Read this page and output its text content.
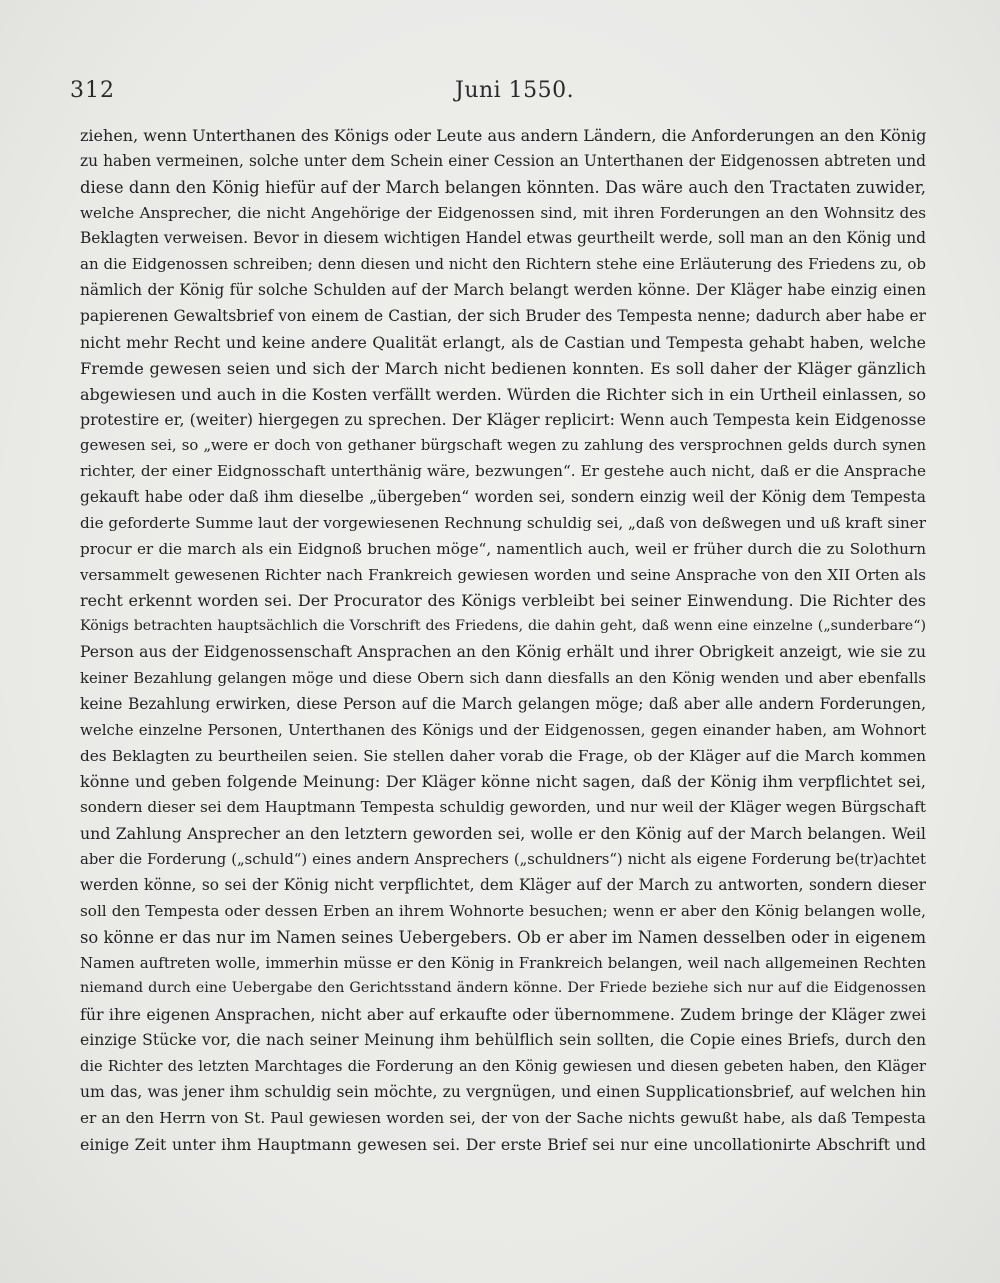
312	Juni 1550.
ziehen, wenn Unterthanen des Königs oder Leute aus andern Ländern, die Anforderungen an den König
zu haben vermeinen, solche unter dem Schein einer Cession an Unterthanen der Eidgenossen abtreten und
diese dann den König hiefür auf der March belangen könnten. Das wäre auch den Tractaten zuwider,
welche Ansprecher, die nicht Angehörige der Eidgenossen sind, mit ihren Forderungen an den Wohnsitz des
Beklagten verweisen. Bevor in diesem wichtigen Handel etwas geurtheilt werde, soll man an den König und
an die Eidgenossen schreiben; denn diesen und nicht den Richtern stehe eine Erläuterung des Friedens zu, ob
nämlich der König für solche Schulden auf der March belangt werden könne. Der Kläger habe einzig einen
papierenen Gewaltsbrief von einem de Castian, der sich Bruder des Tempesta nenne; dadurch aber habe er
nicht mehr Recht und keine andere Qualität erlangt, als de Castian und Tempesta gehabt haben, welche
Fremde gewesen seien und sich der March nicht bedienen konnten. Es soll daher der Kläger gänzlich
abgewiesen und auch in die Kosten verfällt werden. Würden die Richter sich in ein Urtheil einlassen, so
protestire er, (weiter) hiergegen zu sprechen. Der Kläger replicirt: Wenn auch Tempesta kein Eidgenosse
gewesen sei, so „were er doch von gethaner bürgschaft wegen zu zahlung des versprochnen gelds durch synen
richter, der einer Eidgnosschaft unterthänig wäre, bezwungen“. Er gestehe auch nicht, daß er die Ansprache
gekauft habe oder daß ihm dieselbe „übergeben“ worden sei, sondern einzig weil der König dem Tempesta
die geforderte Summe laut der vorgewiesenen Rechnung schuldig sei, „daß von deßwegen und uß kraft siner
procur er die march als ein Eidgnoß bruchen möge“, namentlich auch, weil er früher durch die zu Solothurn
versammelt gewesenen Richter nach Frankreich gewiesen worden und seine Ansprache von den XII Orten als
recht erkennt worden sei. Der Procurator des Königs verbleibt bei seiner Einwendung. Die Richter des
Königs betrachten hauptsächlich die Vorschrift des Friedens, die dahin geht, daß wenn eine einzelne („sunderbare“)
Person aus der Eidgenossenschaft Ansprachen an den König erhält und ihrer Obrigkeit anzeigt, wie sie zu
keiner Bezahlung gelangen möge und diese Obern sich dann diesfalls an den König wenden und aber ebenfalls
keine Bezahlung erwirken, diese Person auf die March gelangen möge; daß aber alle andern Forderungen,
welche einzelne Personen, Unterthanen des Königs und der Eidgenossen, gegen einander haben, am Wohnort
des Beklagten zu beurtheilen seien. Sie stellen daher vorab die Frage, ob der Kläger auf die March kommen
könne und geben folgende Meinung: Der Kläger könne nicht sagen, daß der König ihm verpflichtet sei,
sondern dieser sei dem Hauptmann Tempesta schuldig geworden, und nur weil der Kläger wegen Bürgschaft
und Zahlung Ansprecher an den letztern geworden sei, wolle er den König auf der March belangen. Weil
aber die Forderung („schuld“) eines andern Ansprechers („schuldners“) nicht als eigene Forderung be(tr)achtet
werden könne, so sei der König nicht verpflichtet, dem Kläger auf der March zu antworten, sondern dieser
soll den Tempesta oder dessen Erben an ihrem Wohnorte besuchen; wenn er aber den König belangen wolle,
so könne er das nur im Namen seines Uebergebers. Ob er aber im Namen desselben oder in eigenem
Namen auftreten wolle, immerhin müsse er den König in Frankreich belangen, weil nach allgemeinen Rechten
niemand durch eine Uebergabe den Gerichtsstand ändern könne. Der Friede beziehe sich nur auf die Eidgenossen
für ihre eigenen Ansprachen, nicht aber auf erkaufte oder übernommene. Zudem bringe der Kläger zwei
einzige Stücke vor, die nach seiner Meinung ihm behülflich sein sollten, die Copie eines Briefs, durch den
die Richter des letzten Marchtages die Forderung an den König gewiesen und diesen gebeten haben, den Kläger
um das, was jener ihm schuldig sein möchte, zu vergnügen, und einen Supplicationsbrief, auf welchen hin
er an den Herrn von St. Paul gewiesen worden sei, der von der Sache nichts gewußt habe, als daß Tempesta
einige Zeit unter ihm Hauptmann gewesen sei. Der erste Brief sei nur eine uncollationirte Abschrift und
